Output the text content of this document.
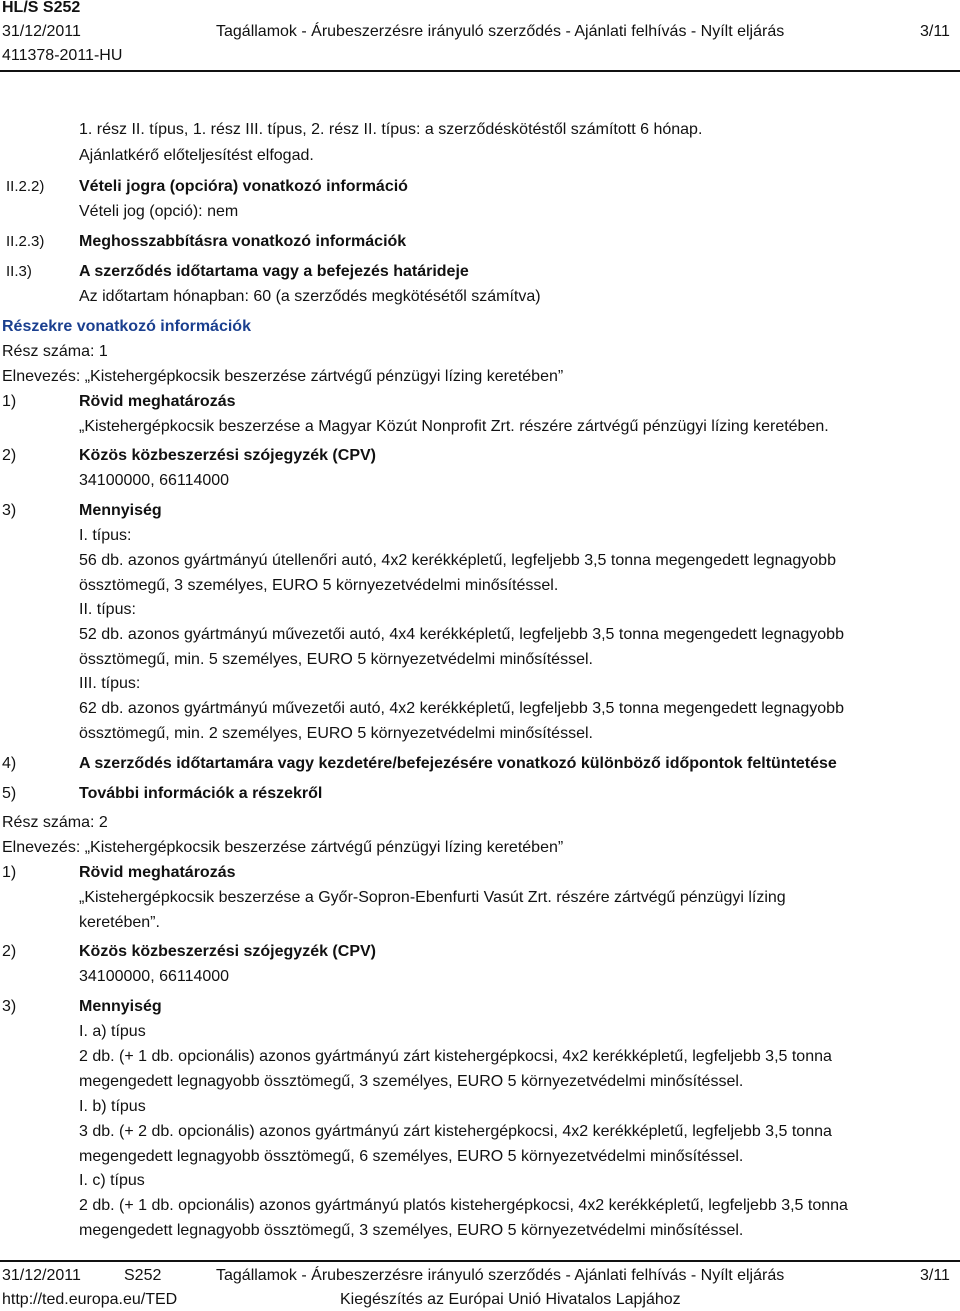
HL/S S252
31/12/2011	Tagállamok - Árubeszerzésre irányuló szerződés - Ajánlati felhívás - Nyílt eljárás	3/11
411378-2011-HU
1. rész II. típus, 1. rész III. típus, 2. rész II. típus: a szerződéskötéstől számított 6 hónap.
Ajánlatkérő előteljesítést elfogad.
II.2.2) Vételi jogra (opcióra) vonatkozó információ
Vételi jog (opció): nem
II.2.3) Meghosszabbításra vonatkozó információk
II.3)	A szerződés időtartama vagy a befejezés határideje
Az időtartam hónapban: 60 (a szerződés megkötésétől számítva)
Részekre vonatkozó információk
Rész száma: 1
Elnevezés: „Kistehergépkocsik beszerzése zártvégű pénzügyi lízing keretében”
1)	Rövid meghatározás
„Kistehergépkocsik beszerzése a Magyar Közút Nonprofit Zrt. részére zártvégű pénzügyi lízing keretében.
2)	Közös közbeszerzési szójegyzék (CPV)
34100000, 66114000
3)	Mennyiség
I. típus:
56 db. azonos gyártmányú útellenőri autó, 4x2 kerékképletű, legfeljebb 3,5 tonna megengedett legnagyobb
össztömegű, 3 személyes, EURO 5 környezetvédelmi minősítéssel.
II. típus:
52 db. azonos gyártmányú művezetői autó, 4x4 kerékképletű, legfeljebb 3,5 tonna megengedett legnagyobb
össztömegű, min. 5 személyes, EURO 5 környezetvédelmi minősítéssel.
III. típus:
62 db. azonos gyártmányú művezetői autó, 4x2 kerékképletű, legfeljebb 3,5 tonna megengedett legnagyobb
össztömegű, min. 2 személyes, EURO 5 környezetvédelmi minősítéssel.
4)	A szerződés időtartamára vagy kezdetére/befejezésére vonatkozó különböző időpontok feltüntetése
5)	További információk a részekről
Rész száma: 2
Elnevezés: „Kistehergépkocsik beszerzése zártvégű pénzügyi lízing keretében”
1)	Rövid meghatározás
„Kistehergépkocsik beszerzése a Győr-Sopron-Ebenfurti Vasút Zrt. részére zártvégű pénzügyi lízing
keretében”.
2)	Közös közbeszerzési szójegyzék (CPV)
34100000, 66114000
3)	Mennyiség
I. a) típus
2 db. (+ 1 db. opcionális) azonos gyártmányú zárt kistehergépkocsi, 4x2 kerékképletű, legfeljebb 3,5 tonna
megengedett legnagyobb össztömegű, 3 személyes, EURO 5 környezetvédelmi minősítéssel.
I. b) típus
3 db. (+ 2 db. opcionális) azonos gyártmányú zárt kistehergépkocsi, 4x2 kerékképletű, legfeljebb 3,5 tonna
megengedett legnagyobb össztömegű, 6 személyes, EURO 5 környezetvédelmi minősítéssel.
I. c) típus
2 db. (+ 1 db. opcionális) azonos gyártmányú platós kistehergépkocsi, 4x2 kerékképletű, legfeljebb 3,5 tonna
megengedett legnagyobb össztömegű, 3 személyes, EURO 5 környezetvédelmi minősítéssel.
31/12/2011	S252	Tagállamok - Árubeszerzésre irányuló szerződés - Ajánlati felhívás - Nyílt eljárás	3/11
http://ted.europa.eu/TED	Kiegészítés az Európai Unió Hivatalos Lapjához
